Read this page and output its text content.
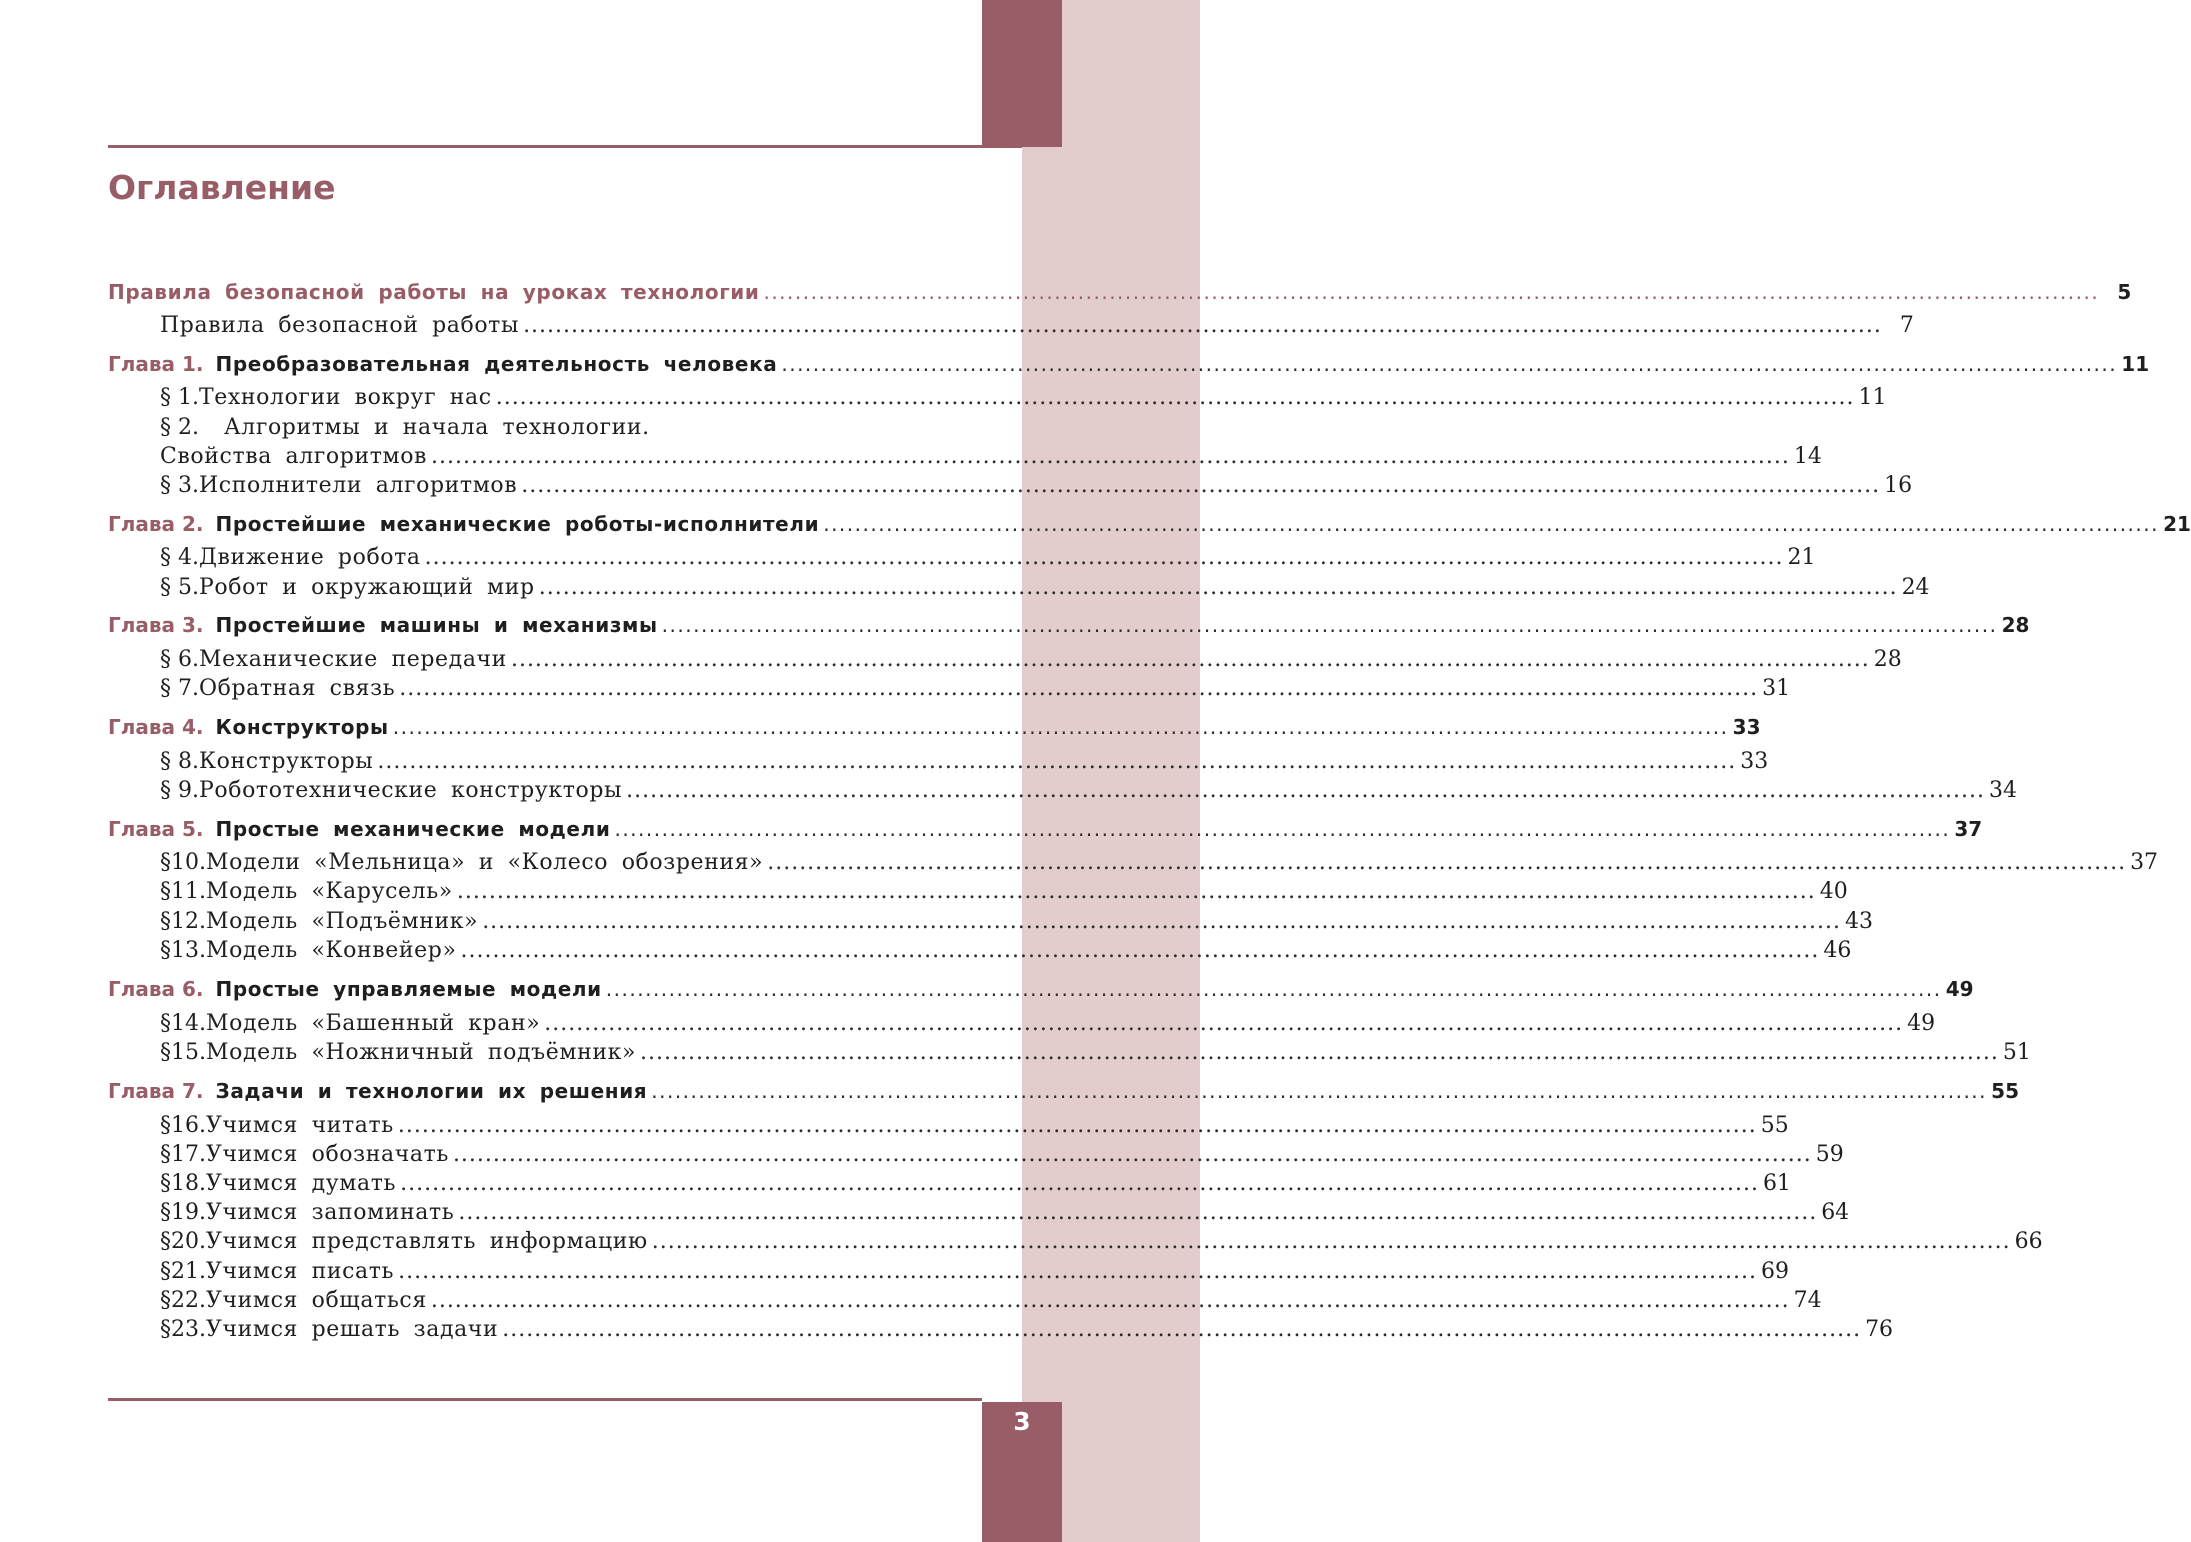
Оглавление
Правила безопасной работы на уроках технологии .......................................................................................................................................................................... 5
Правила безопасной работы .......................................................................................................................................................................... 7
Глава 1. Преобразовательная деятельность человека .......................................................................................................................................................................... 11
§ 1. Технологии вокруг нас .......................................................................................................................................................................... 11
§ 2.	Алгоритмы и начала технологии.
Свойства алгоритмов .......................................................................................................................................................................... 14
§ 3. Исполнители алгоритмов .......................................................................................................................................................................... 16
Глава 2. Простейшие механические роботы-исполнители .......................................................................................................................................................................... 21
§ 4. Движение робота .......................................................................................................................................................................... 21
§ 5. Робот и окружающий мир .......................................................................................................................................................................... 24
Глава 3. Простейшие машины и механизмы .......................................................................................................................................................................... 28
§ 6. Механические передачи .......................................................................................................................................................................... 28
§ 7. Обратная связь .......................................................................................................................................................................... 31
Глава 4. Конструкторы .......................................................................................................................................................................... 33
§ 8. Конструкторы .......................................................................................................................................................................... 33
§ 9. Робототехнические конструкторы .......................................................................................................................................................................... 34
Глава 5. Простые механические модели .......................................................................................................................................................................... 37
§10. Модели «Мельница» и «Колесо обозрения» .......................................................................................................................................................................... 37
§11. Модель «Карусель» .......................................................................................................................................................................... 40
§12. Модель «Подъёмник» .......................................................................................................................................................................... 43
§13. Модель «Конвейер» .......................................................................................................................................................................... 46
Глава 6. Простые управляемые модели .......................................................................................................................................................................... 49
§14. Модель «Башенный кран» .......................................................................................................................................................................... 49
§15. Модель «Ножничный подъёмник» .......................................................................................................................................................................... 51
Глава 7. Задачи и технологии их решения .......................................................................................................................................................................... 55
§16. Учимся читать .......................................................................................................................................................................... 55
§17. Учимся обозначать .......................................................................................................................................................................... 59
§18. Учимся думать .......................................................................................................................................................................... 61
§19. Учимся запоминать .......................................................................................................................................................................... 64
§20. Учимся представлять информацию .......................................................................................................................................................................... 66
§21. Учимся писать .......................................................................................................................................................................... 69
§22. Учимся общаться .......................................................................................................................................................................... 74
§23. Учимся решать задачи .......................................................................................................................................................................... 76
3
